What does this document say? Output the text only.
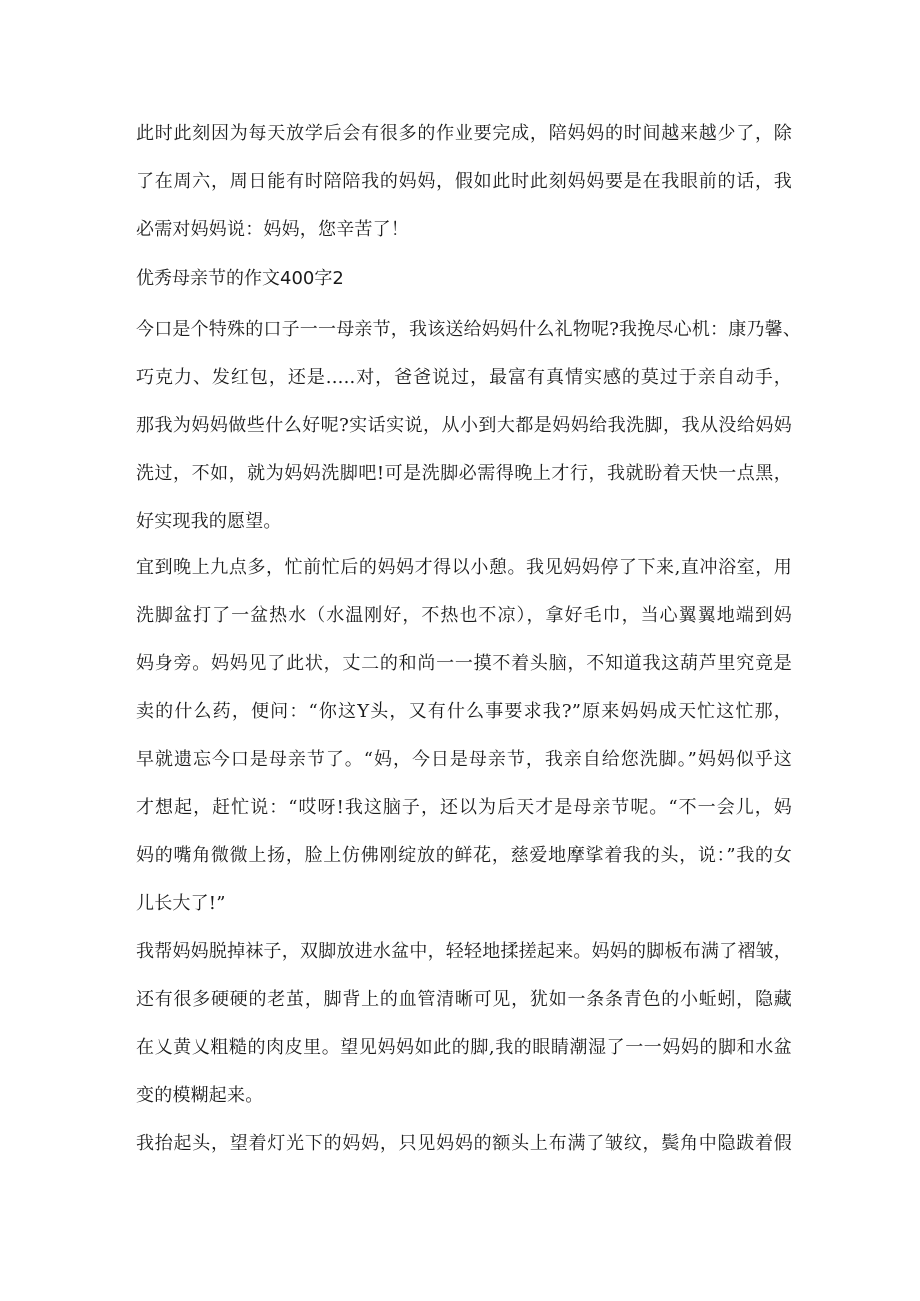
此时此刻因为每天放学后会有很多的作业要完成，陪妈妈的时间越来越少了，除
了在周六，周日能有时陪陪我的妈妈，假如此时此刻妈妈要是在我眼前的话，我
必需对妈妈说：妈妈，您辛苦了！
优秀母亲节的作文400字2
今口是个特殊的口子一一母亲节，我该送给妈妈什么礼物呢?我挽尽心机：康乃馨、
巧克力、发红包，还是.....对，爸爸说过，最富有真情实感的莫过于亲自动手，
那我为妈妈做些什么好呢?实话实说，从小到大都是妈妈给我洗脚，我从没给妈妈
洗过，不如，就为妈妈洗脚吧!可是洗脚必需得晚上才行，我就盼着天快一点黑，
好实现我的愿望。
宜到晚上九点多，忙前忙后的妈妈才得以小憩。我见妈妈停了下来,直冲浴室，用
洗脚盆打了一盆热水（水温刚好，不热也不凉），拿好毛巾，当心翼翼地端到妈
妈身旁。妈妈见了此状，丈二的和尚一一摸不着头脑，不知道我这葫芦里究竟是
卖的什么药，便问：“你这Y头，又有什么事要求我?”原来妈妈成天忙这忙那，
早就遗忘今口是母亲节了。“妈，今日是母亲节，我亲自给您洗脚。”妈妈似乎这
才想起，赶忙说：“哎呀!我这脑子，还以为后天才是母亲节呢。“不一会儿，妈
妈的嘴角微微上扬，脸上仿佛刚绽放的鲜花，慈爱地摩挲着我的头，说：”我的女
儿长大了!”
我帮妈妈脱掉袜子，双脚放进水盆中，轻轻地揉搓起来。妈妈的脚板布满了褶皱，
还有很多硬硬的老茧，脚背上的血管清晰可见，犹如一条条青色的小蚯蚓，隐藏
在乂黄乂粗糙的肉皮里。望见妈妈如此的脚,我的眼睛潮湿了一一妈妈的脚和水盆
变的模糊起来。
我抬起头，望着灯光下的妈妈，只见妈妈的额头上布满了皱纹，鬓角中隐跋着假
